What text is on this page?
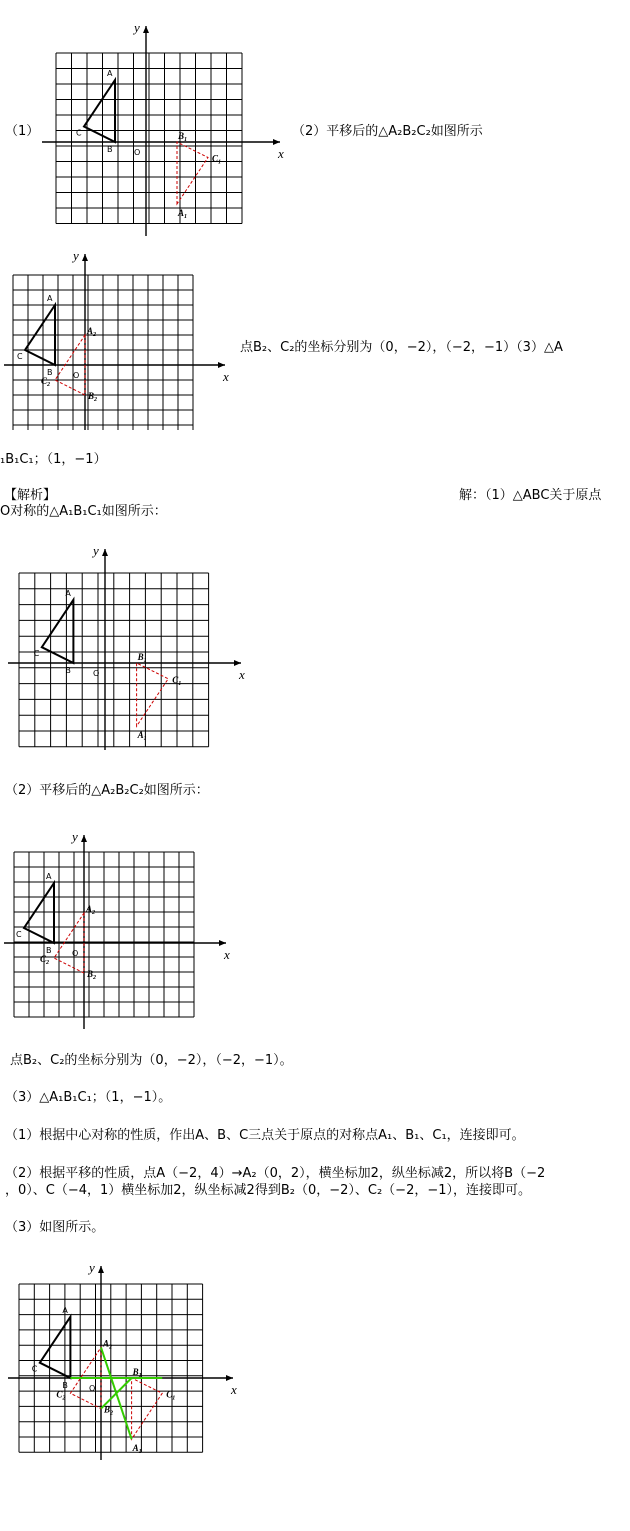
（1）	（2）平移后的△A₂B₂C₂如图所示
点B₂、C₂的坐标分别为（0，−2），（−2，−1）（3）△A
₁B₁C₁；（1，−1）
【解析】	解：（1）△ABC关于原点
O对称的△A₁B₁C₁如图所示：
（2）平移后的△A₂B₂C₂如图所示：
点B₂、C₂的坐标分别为（0，−2），（−2，−1）。
（3）△A₁B₁C₁；（1，−1）。
（1）根据中心对称的性质，作出A、B、C三点关于原点的对称点A₁、B₁、C₁，连接即可。
（2）根据平移的性质，点A（−2，4）→A₂（0，2），横坐标加2，纵坐标减2，所以将B（−2
，0）、C（−4，1）横坐标加2，纵坐标减2得到B₂（0，−2）、C₂（−2，−1），连接即可。
（3）如图所示。
x
y
O
A
B
C
$A_1$
$B_1$
$C_1$
x
y
O
A
B
C
$A_2$
$B_2$
$C_2$
x
y
O
A
B
C
$A_1$
$B_1$
$C_1$
x
y
O
A
B
C
$A_2$
$B_2$
$C_2$
x
y
O
A
B
C
$A_1$
$B_1$
$C_1$
$A_2$
$B_2$
$C_2$
